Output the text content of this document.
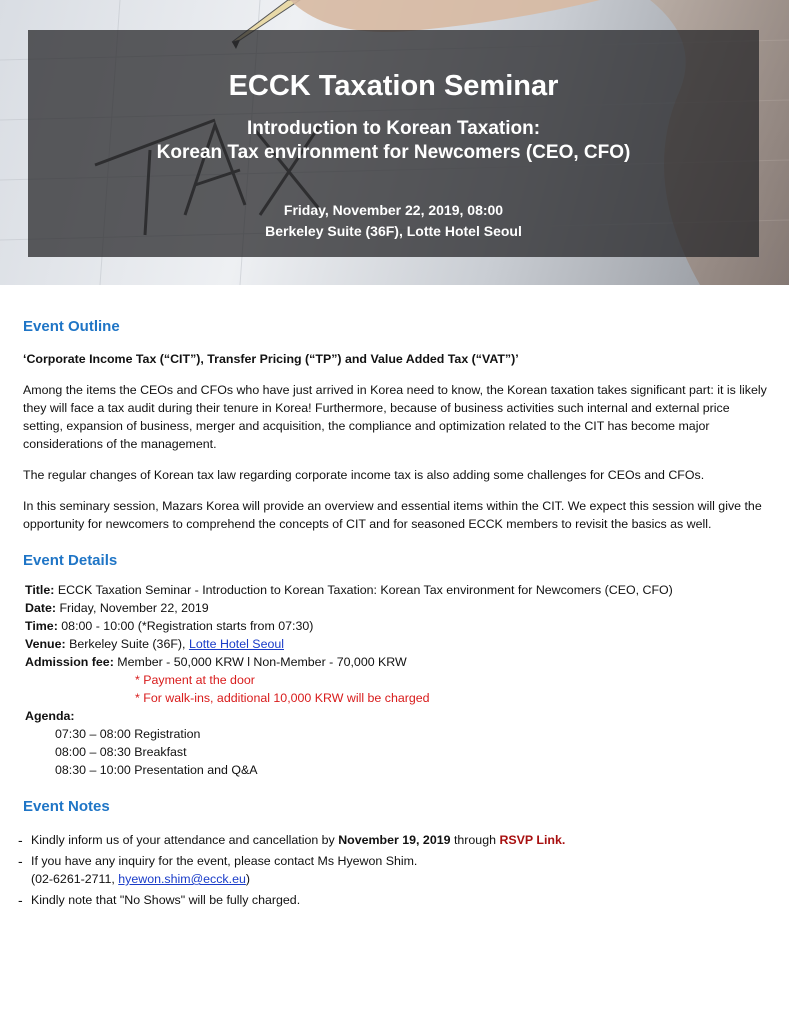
TAX
ECCK Taxation Seminar
Introduction to Korean Taxation:
Korean Tax environment for Newcomers (CEO, CFO)
Friday, November 22, 2019, 08:00
Berkeley Suite (36F), Lotte Hotel Seoul
Event Outline

‘Corporate Income Tax (“CIT”), Transfer Pricing (“TP”) and Value Added Tax (“VAT”)’

Among the items the CEOs and CFOs who have just arrived in Korea need to know, the Korean taxation takes significant part: it is likely they will face a tax audit during their tenure in Korea! Furthermore, because of business activities such internal and external price setting, expansion of business, merger and acquisition, the compliance and optimization related to the CIT has become major considerations of the management.

The regular changes of Korean tax law regarding corporate income tax is also adding some challenges for CEOs and CFOs.

In this seminary session, Mazars Korea will provide an overview and essential items within the CIT. We expect this session will give the opportunity for newcomers to comprehend the concepts of CIT and for seasoned ECCK members to revisit the basics as well.

Event Details
Title: ECCK Taxation Seminar - Introduction to Korean Taxation: Korean Tax environment for Newcomers (CEO, CFO)
Date: Friday, November 22, 2019
Time: 08:00 - 10:00 (*Registration starts from 07:30)
Venue: Berkeley Suite (36F), Lotte Hotel Seoul
Admission fee: Member - 50,000 KRW l Non-Member - 70,000 KRW
* Payment at the door
* For walk-ins, additional 10,000 KRW will be charged
Agenda:
07:30 – 08:00 Registration
08:00 – 08:30 Breakfast
08:30 – 10:00 Presentation and Q&A
Event Notes
- Kindly inform us of your attendance and cancellation by November 19, 2019 through RSVP Link.
- If you have any inquiry for the event, please contact Ms Hyewon Shim.
(02-6261-2711, hyewon.shim@ecck.eu)
- Kindly note that "No Shows" will be fully charged.
